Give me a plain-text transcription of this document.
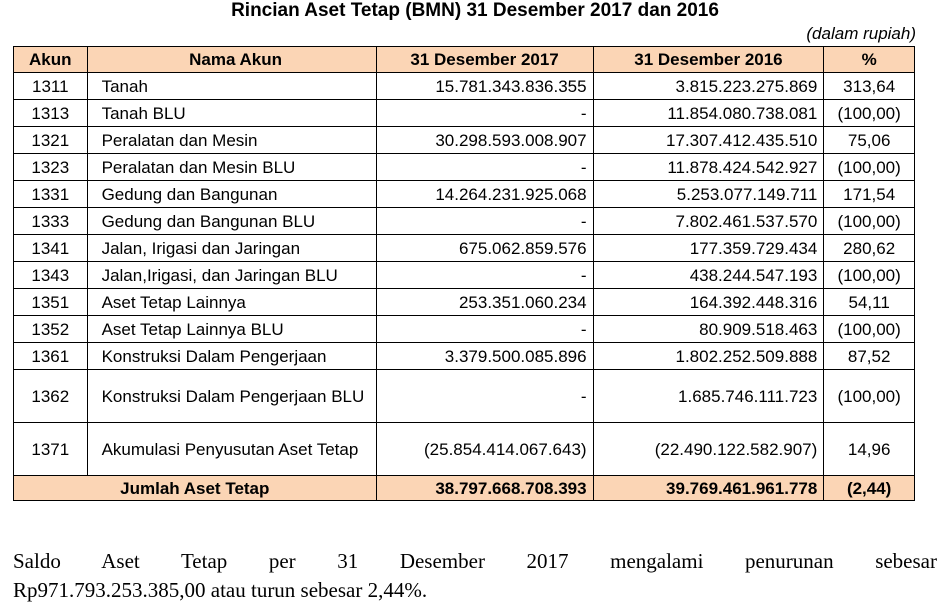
Rincian Aset Tetap (BMN) 31 Desember 2017 dan 2016
(dalam rupiah)
Akun	Nama Akun	31 Desember 2017	31 Desember 2016	%
1311	Tanah	15.781.343.836.355	3.815.223.275.869	313,64
1313	Tanah BLU	-	11.854.080.738.081	(100,00)
1321	Peralatan dan Mesin	30.298.593.008.907	17.307.412.435.510	75,06
1323	Peralatan dan Mesin BLU	-	11.878.424.542.927	(100,00)
1331	Gedung dan Bangunan	14.264.231.925.068	5.253.077.149.711	171,54
1333	Gedung dan Bangunan BLU	-	7.802.461.537.570	(100,00)
1341	Jalan, Irigasi dan Jaringan	675.062.859.576	177.359.729.434	280,62
1343	Jalan,Irigasi, dan Jaringan BLU	-	438.244.547.193	(100,00)
1351	Aset Tetap Lainnya	253.351.060.234	164.392.448.316	54,11
1352	Aset Tetap Lainnya BLU	-	80.909.518.463	(100,00)
1361	Konstruksi Dalam Pengerjaan	3.379.500.085.896	1.802.252.509.888	87,52
1362	Konstruksi Dalam Pengerjaan BLU	-	1.685.746.111.723	(100,00)
1371	Akumulasi Penyusutan Aset Tetap	(25.854.414.067.643)	(22.490.122.582.907)	14,96
Jumlah Aset Tetap		38.797.668.708.393	39.769.461.961.778	(2,44)

Saldo Aset Tetap per 31 Desember 2017 mengalami penurunan sebesar
Rp971.793.253.385,00 atau turun sebesar 2,44%.
